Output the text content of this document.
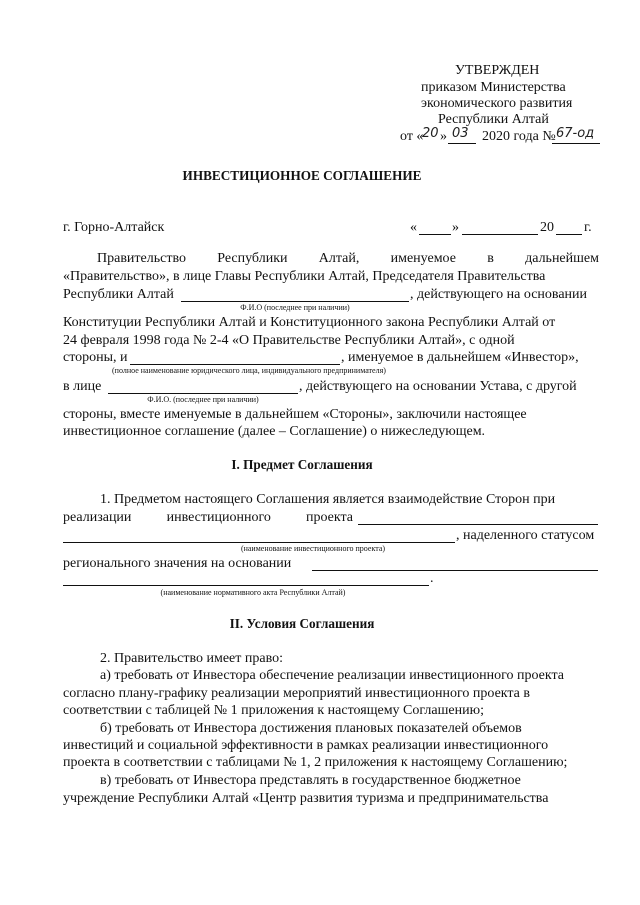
УТВЕРЖДЕН
приказом Министерства
экономического развития
Республики Алтай
от «
20 » 03 2020 года № 67-од
ИНВЕСТИЦИОННОЕ СОГЛАШЕНИЕ
г. Горно-Алтайск	«	»	20 г.
Правительство Республики Алтай, именуемое в дальнейшем
«Правительство», в лице Главы Республики Алтай, Председателя Правительства
Республики Алтай	, действующего на основании
Ф.И.О (последнее при наличии)
Конституции Республики Алтай и Конституционного закона Республики Алтай от
24 февраля 1998 года № 2-4 «О Правительстве Республики Алтай», с одной
стороны, и	, именуемое в дальнейшем «Инвестор»,
(полное наименование юридического лица, индивидуального предпринимателя)
в лице	, действующего на основании Устава, с другой
Ф.И.О. (последнее при наличии)
стороны, вместе именуемые в дальнейшем «Стороны», заключили настоящее
инвестиционное соглашение (далее – Соглашение) о нижеследующем.
I. Предмет Соглашения
1. Предметом настоящего Соглашения является взаимодействие Сторон при
реализации	инвестиционного	проекта
, наделенного статусом
(наименование инвестиционного проекта)
регионального значения на основании
.
(наименование нормативного акта Республики Алтай)
II. Условия Соглашения
2. Правительство имеет право:
а) требовать от Инвестора обеспечение реализации инвестиционного проекта
согласно плану-графику реализации мероприятий инвестиционного проекта в
соответствии с таблицей № 1 приложения к настоящему Соглашению;
б) требовать от Инвестора достижения плановых показателей объемов
инвестиций и социальной эффективности в рамках реализации инвестиционного
проекта в соответствии с таблицами № 1, 2 приложения к настоящему Соглашению;
в) требовать от Инвестора представлять в государственное бюджетное
учреждение Республики Алтай «Центр развития туризма и предпринимательства
